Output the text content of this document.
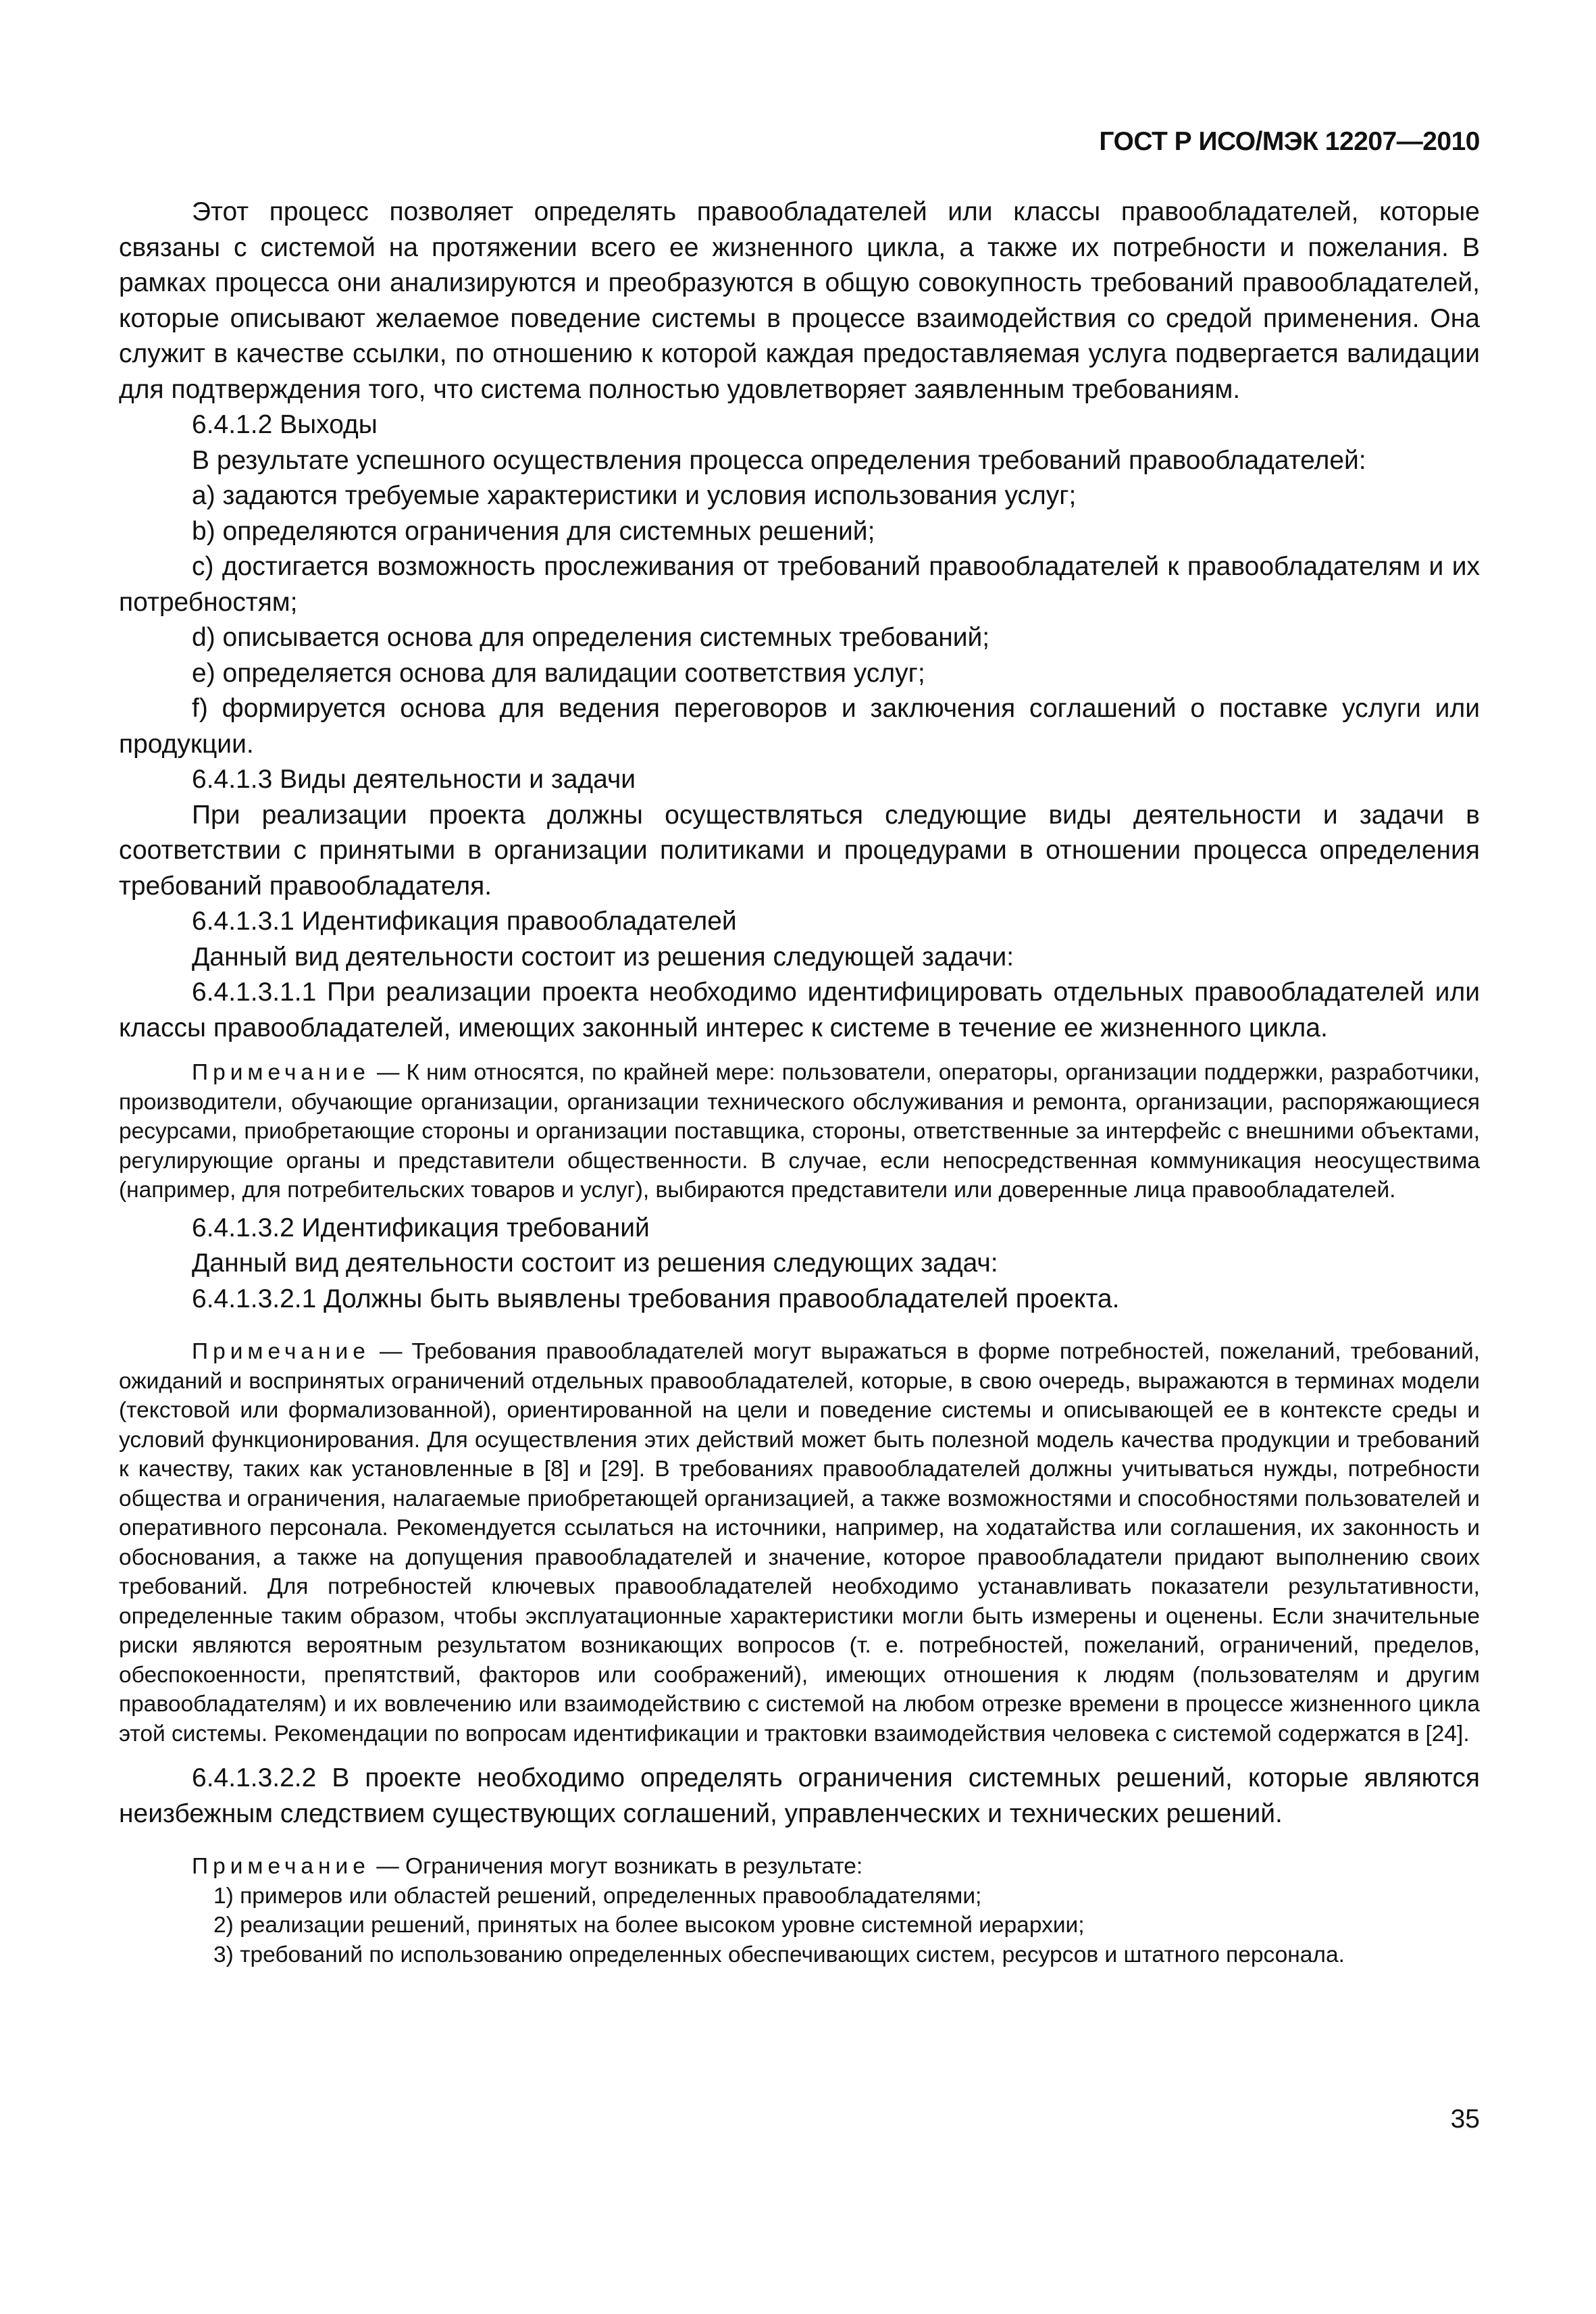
ГОСТ Р ИСО/МЭК 12207—2010

Этот процесс позволяет определять правообладателей или классы правообладателей, которые связаны с системой на протяжении всего ее жизненного цикла, а также их потребности и пожелания. В рамках процесса они анализируются и преобразуются в общую совокупность требований правообладателей, которые описывают желаемое поведение системы в процессе взаимодействия со средой применения. Она служит в качестве ссылки, по отношению к которой каждая предоставляемая услуга подвергается валидации для подтверждения того, что система полностью удовлетворяет заявленным требованиям.

6.4.1.2 Выходы

В результате успешного осуществления процесса определения требований правообладателей:

a) задаются требуемые характеристики и условия использования услуг;

b) определяются ограничения для системных решений;

c) достигается возможность прослеживания от требований правообладателей к правообладателям и их потребностям;

d) описывается основа для определения системных требований;

e) определяется основа для валидации соответствия услуг;

f) формируется основа для ведения переговоров и заключения соглашений о поставке услуги или продукции.

6.4.1.3 Виды деятельности и задачи

При реализации проекта должны осуществляться следующие виды деятельности и задачи в соответствии с принятыми в организации политиками и процедурами в отношении процесса определения требований правообладателя.

6.4.1.3.1 Идентификация правообладателей

Данный вид деятельности состоит из решения следующей задачи:

6.4.1.3.1.1 При реализации проекта необходимо идентифицировать отдельных правообладателей или классы правообладателей, имеющих законный интерес к системе в течение ее жизненного цикла.

Примечание — К ним относятся, по крайней мере: пользователи, операторы, организации поддержки, разработчики, производители, обучающие организации, организации технического обслуживания и ремонта, организации, распоряжающиеся ресурсами, приобретающие стороны и организации поставщика, стороны, ответственные за интерфейс с внешними объектами, регулирующие органы и представители общественности. В случае, если непосредственная коммуникация неосуществима (например, для потребительских товаров и услуг), выбираются представители или доверенные лица правообладателей.

6.4.1.3.2 Идентификация требований

Данный вид деятельности состоит из решения следующих задач:

6.4.1.3.2.1 Должны быть выявлены требования правообладателей проекта.

Примечание — Требования правообладателей могут выражаться в форме потребностей, пожеланий, требований, ожиданий и воспринятых ограничений отдельных правообладателей, которые, в свою очередь, выражаются в терминах модели (текстовой или формализованной), ориентированной на цели и поведение системы и описывающей ее в контексте среды и условий функционирования. Для осуществления этих действий может быть полезной модель качества продукции и требований к качеству, таких как установленные в [8] и [29]. В требованиях правообладателей должны учитываться нужды, потребности общества и ограничения, налагаемые приобретающей организацией, а также возможностями и способностями пользователей и оперативного персонала. Рекомендуется ссылаться на источники, например, на ходатайства или соглашения, их законность и обоснования, а также на допущения правообладателей и значение, которое правообладатели придают выполнению своих требований. Для потребностей ключевых правообладателей необходимо устанавливать показатели результативности, определенные таким образом, чтобы эксплуатационные характеристики могли быть измерены и оценены. Если значительные риски являются вероятным результатом возникающих вопросов (т. е. потребностей, пожеланий, ограничений, пределов, обеспокоенности, препятствий, факторов или соображений), имеющих отношения к людям (пользователям и другим правообладателям) и их вовлечению или взаимодействию с системой на любом отрезке времени в процессе жизненного цикла этой системы. Рекомендации по вопросам идентификации и трактовки взаимодействия человека с системой содержатся в [24].

6.4.1.3.2.2 В проекте необходимо определять ограничения системных решений, которые являются неизбежным следствием существующих соглашений, управленческих и технических решений.

Примечание — Ограничения могут возникать в результате:

1) примеров или областей решений, определенных правообладателями;

2) реализации решений, принятых на более высоком уровне системной иерархии;

3) требований по использованию определенных обеспечивающих систем, ресурсов и штатного персонала.

35
